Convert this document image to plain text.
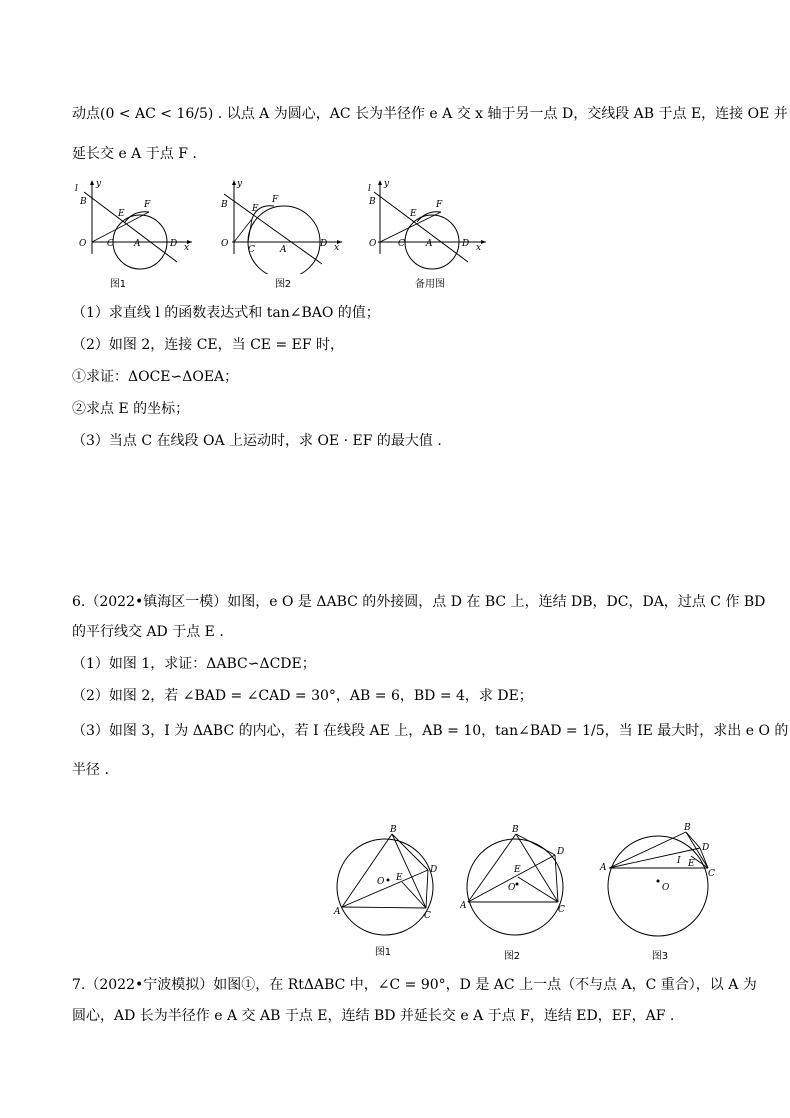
动点(0 < AC < 16/5) . 以点 A 为圆心，AC 长为半径作 e A 交 x 轴于另一点 D，交线段 AB 于点 E，连接 OE 并
延长交 e A 于点 F .
l y
B
E
F
O C A	D x
图1
y
B	E
F
O
C	A
D x
图2
l y
B
E
F
O C A	D x
备用图
（1）求直线 l 的函数表达式和 tan∠BAO 的值；
（2）如图 2，连接 CE，当 CE = EF 时，
①求证：ΔOCE∽ΔOEA；
②求点 E 的坐标；
（3）当点 C 在线段 OA 上运动时，求 OE · EF 的最大值 .
6.（2022•镇海区一模）如图，e O 是 ΔABC 的外接圆，点 D 在 BC 上，连结 DB，DC，DA，过点 C 作 BD
的平行线交 AD 于点 E .
（1）如图 1，求证：ΔABC∽ΔCDE；
（2）如图 2，若 ∠BAD = ∠CAD = 30°，AB = 6，BD = 4，求 DE；
（3）如图 3，I 为 ΔABC 的内心，若 I 在线段 AE 上，AB = 10，tan∠BAD = 1/5，当 IE 最大时，求出 e O 的
半径 .
A
B
C
D
E
O
图1
A
B
C
D
E
O
图2
A
B
C
D
E
I
O
图3
7.（2022•宁波模拟）如图①，在 RtΔABC 中，∠C = 90°，D 是 AC 上一点（不与点 A，C 重合），以 A 为
圆心，AD 长为半径作 e A 交 AB 于点 E，连结 BD 并延长交 e A 于点 F，连结 ED，EF，AF .
